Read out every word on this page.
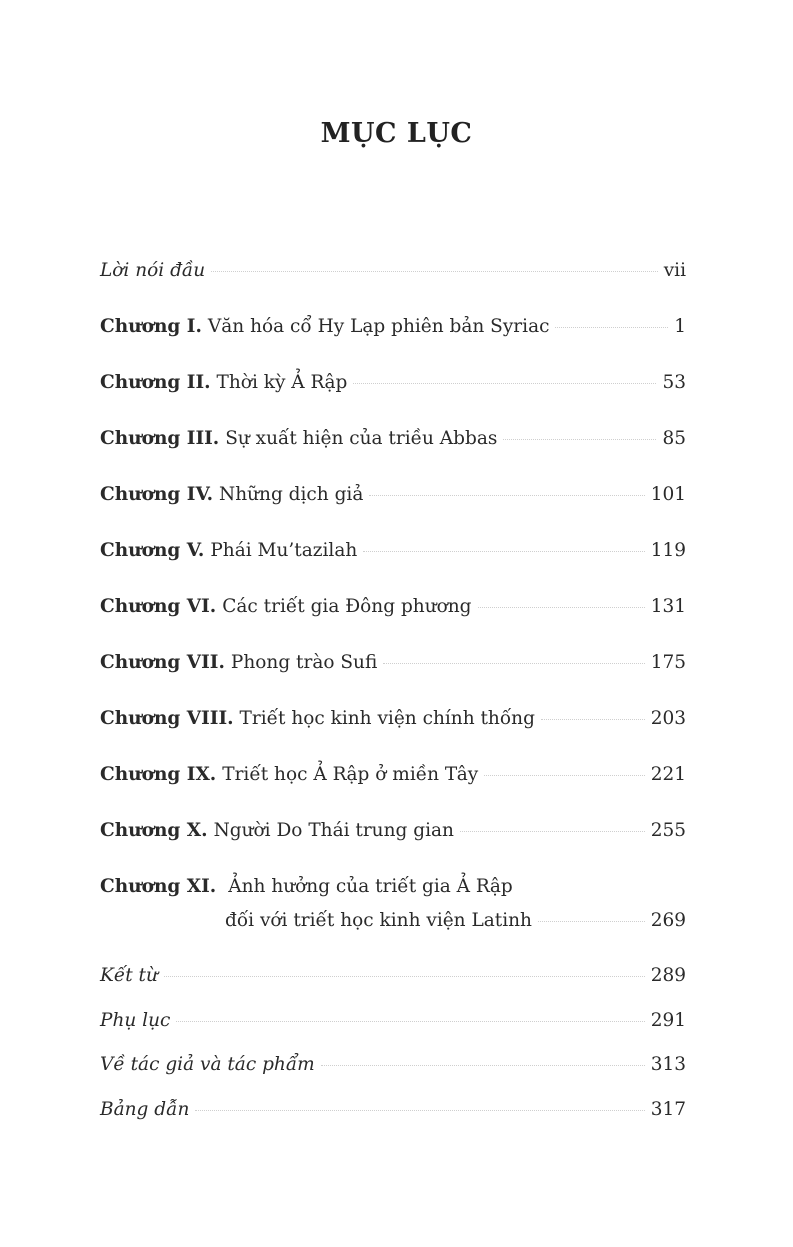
MỤC LỤC
Lời nói đầu	vii
Chương I. Văn hóa cổ Hy Lạp phiên bản Syriac	1
Chương II. Thời kỳ Ả Rập	53
Chương III. Sự xuất hiện của triều Abbas	85
Chương IV. Những dịch giả	101
Chương V. Phái Mu’tazilah	119
Chương VI. Các triết gia Đông phương	131
Chương VII. Phong trào Sufi	175
Chương VIII. Triết học kinh viện chính thống	203
Chương IX. Triết học Ả Rập ở miền Tây	221
Chương X. Người Do Thái trung gian	255
Chương XI. Ảnh hưởng của triết gia Ả Rập
đối với triết học kinh viện Latinh	269
Kết từ	289
Phụ lục	291
Về tác giả và tác phẩm	313
Bảng dẫn	317
